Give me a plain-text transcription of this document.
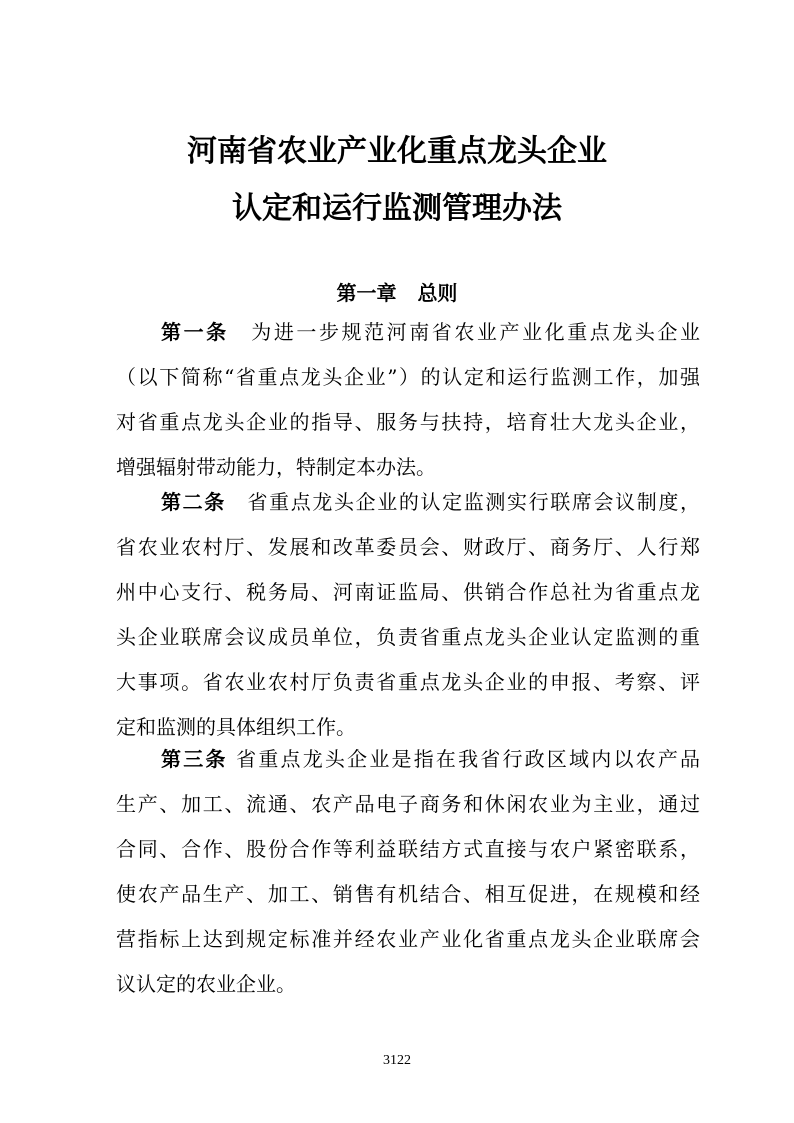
河南省农业产业化重点龙头企业
认定和运行监测管理办法
第一章 总则
第一条　 为进一步规范河南省农业产业化重点龙头企业
（以下简称“省重点龙头企业”）的认定和运行监测工作，加强
对省重点龙头企业的指导、服务与扶持，培育壮大龙头企业，
增强辐射带动能力，特制定本办法。
第二条　 省重点龙头企业的认定监测实行联席会议制度，
省农业农村厅、发展和改革委员会、财政厅、商务厅、人行郑
州中心支行、税务局、河南证监局、供销合作总社为省重点龙
头企业联席会议成员单位，负责省重点龙头企业认定监测的重
大事项。省农业农村厅负责省重点龙头企业的申报、考察、评
定和监测的具体组织工作。
第三条 省重点龙头企业是指在我省行政区域内以农产品
生产、加工、流通、农产品电子商务和休闲农业为主业，通过
合同、合作、股份合作等利益联结方式直接与农户紧密联系，
使农产品生产、加工、销售有机结合、相互促进，在规模和经
营指标上达到规定标准并经农业产业化省重点龙头企业联席会
议认定的农业企业。
3122
